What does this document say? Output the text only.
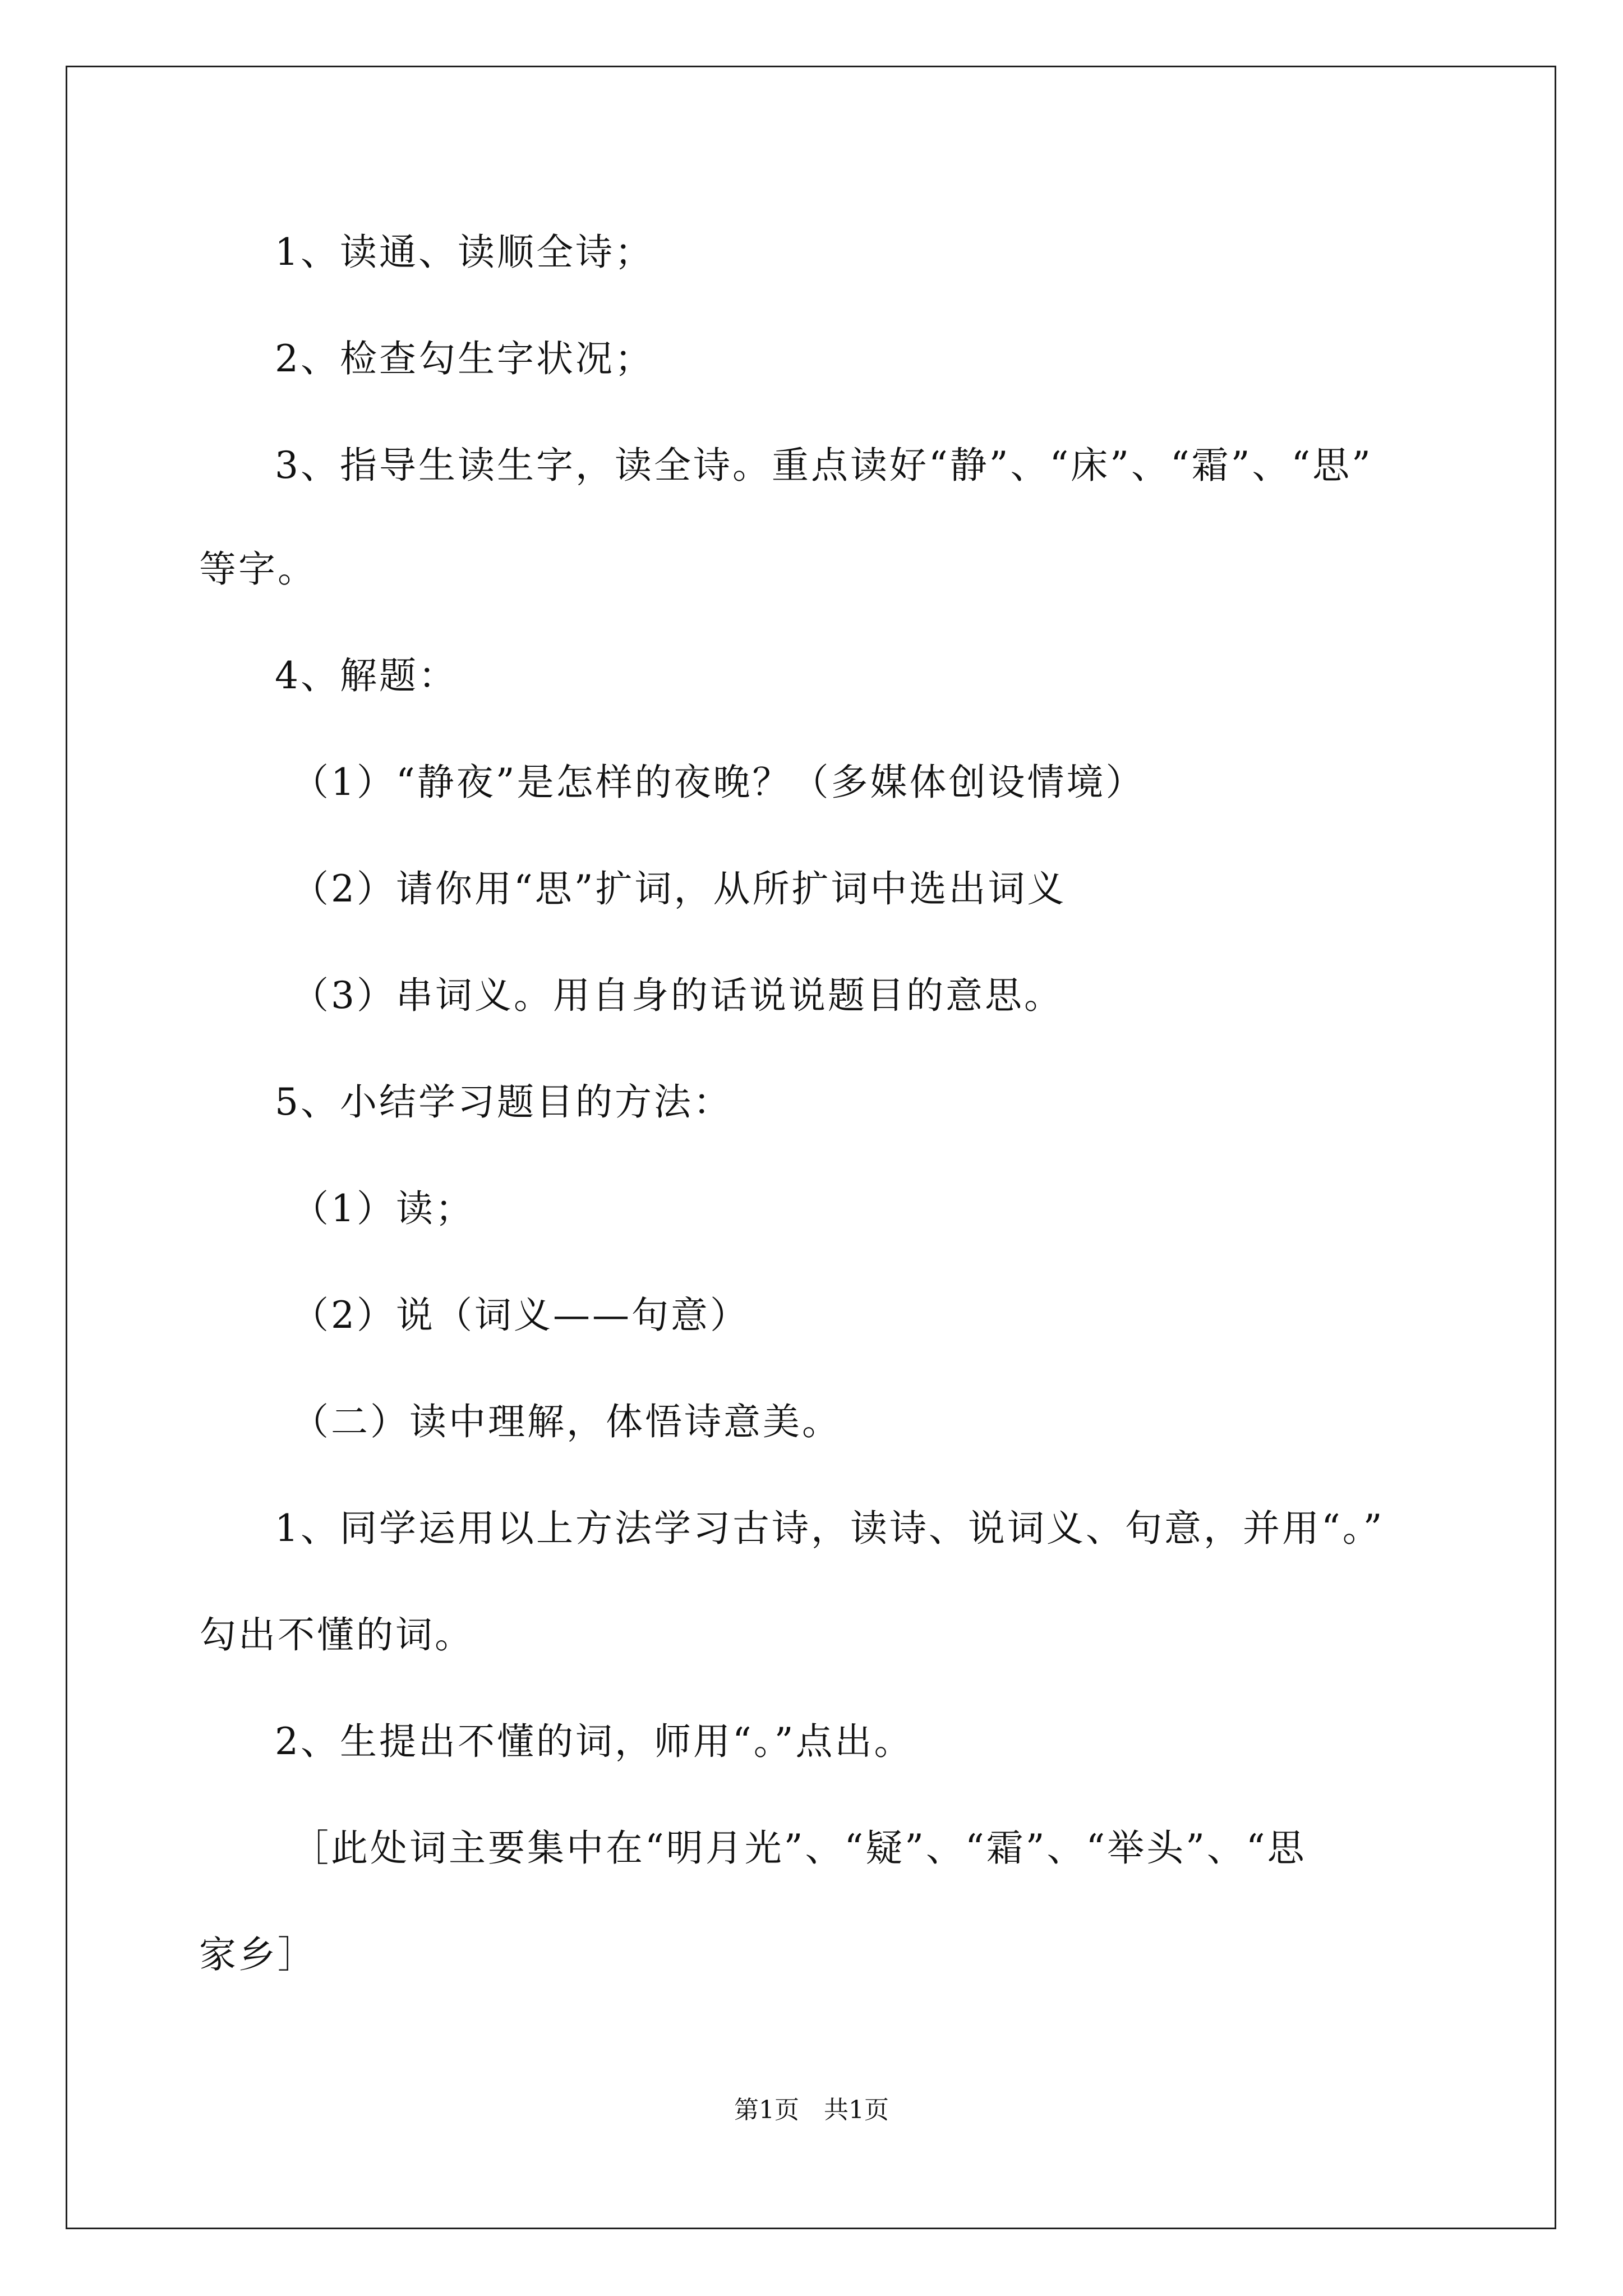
1、读通、读顺全诗；
2、检查勾生字状况；
3、指导生读生字，读全诗。重点读好“静”、“床”、“霜”、“思”
等字。
4、解题：
（1）“静夜”是怎样的夜晚？（多媒体创设情境）
（2）请你用“思”扩词，从所扩词中选出词义
（3）串词义。用自身的话说说题目的意思。
5、小结学习题目的方法：
（1）读；
（2）说（词义——句意）
（二）读中理解，体悟诗意美。
1、同学运用以上方法学习古诗，读诗、说词义、句意，并用“。”
勾出不懂的词。
2、生提出不懂的词，师用“。”点出。
［此处词主要集中在“明月光”、“疑”、“霜”、“举头”、“思
家乡］
第1页　共1页
